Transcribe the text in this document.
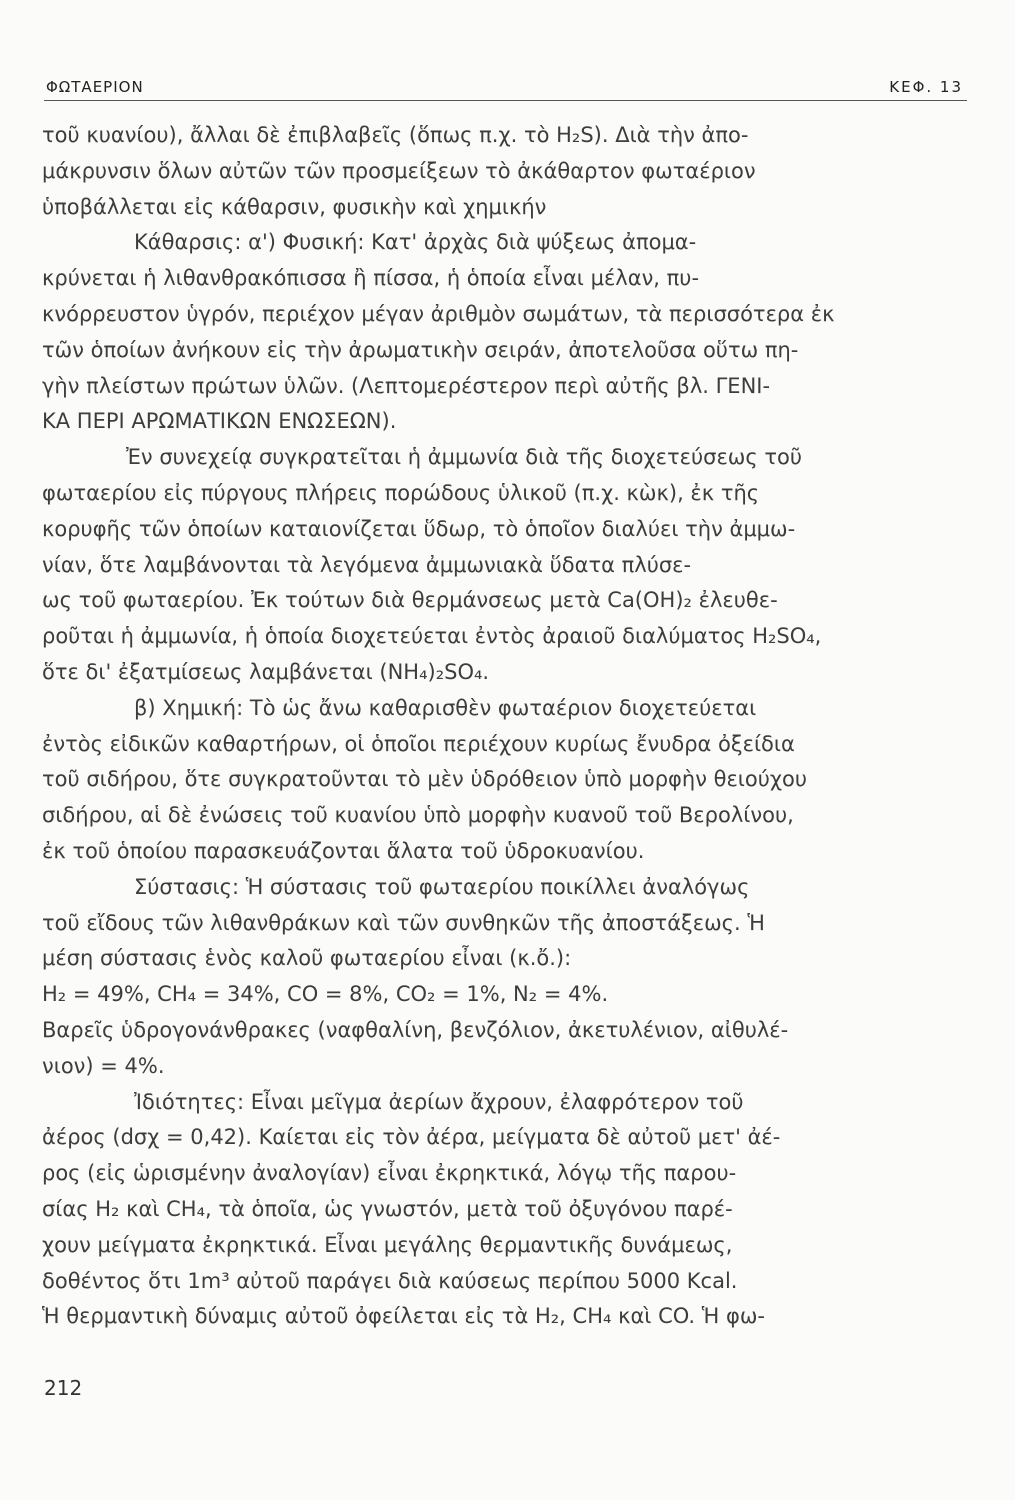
ΦΩΤΑΕΡΙΟΝ	ΚΕΦ. 13
τοῦ κυανίου), ἄλλαι δὲ ἐπιβλαβεῖς (ὅπως π.χ. τὸ H₂S). Διὰ τὴν ἀπο-
μάκρυνσιν ὅλων αὐτῶν τῶν προσμείξεων τὸ ἀκάθαρτον φωταέριον
ὑποβάλλεται εἰς κάθαρσιν, φυσικὴν καὶ χημικήν
Κάθαρσις: α') Φυσική: Κατ' ἀρχὰς διὰ ψύξεως ἀπομα-
κρύνεται ἡ λιθανθρακόπισσα ἢ πίσσα, ἡ ὁποία εἶναι μέλαν, πυ-
κνόρρευστον ὑγρόν, περιέχον μέγαν ἀριθμὸν σωμάτων, τὰ περισσότερα ἐκ
τῶν ὁποίων ἀνήκουν εἰς τὴν ἀρωματικὴν σειράν, ἀποτελοῦσα οὕτω πη-
γὴν πλείστων πρώτων ὑλῶν. (Λεπτομερέστερον περὶ αὐτῆς βλ. ΓΕΝΙ-
ΚΑ ΠΕΡΙ ΑΡΩΜΑΤΙΚΩΝ ΕΝΩΣΕΩΝ).
Ἐν συνεχείᾳ συγκρατεῖται ἡ ἀμμωνία διὰ τῆς διοχετεύσεως τοῦ
φωταερίου εἰς πύργους πλήρεις πορώδους ὑλικοῦ (π.χ. κὼκ), ἐκ τῆς
κορυφῆς τῶν ὁποίων καταιονίζεται ὕδωρ, τὸ ὁποῖον διαλύει τὴν ἀμμω-
νίαν, ὅτε λαμβάνονται τὰ λεγόμενα ἀμμωνιακὰ ὕδατα πλύσε-
ως τοῦ φωταερίου. Ἐκ τούτων διὰ θερμάνσεως μετὰ Ca(OH)₂ ἐλευθε-
ροῦται ἡ ἀμμωνία, ἡ ὁποία διοχετεύεται ἐντὸς ἀραιοῦ διαλύματος H₂SO₄,
ὅτε δι' ἐξατμίσεως λαμβάνεται (NH₄)₂SO₄.
β) Χημική: Τὸ ὡς ἄνω καθαρισθὲν φωταέριον διοχετεύεται
ἐντὸς εἰδικῶν καθαρτήρων, οἱ ὁποῖοι περιέχουν κυρίως ἔνυδρα ὀξείδια
τοῦ σιδήρου, ὅτε συγκρατοῦνται τὸ μὲν ὑδρόθειον ὑπὸ μορφὴν θειούχου
σιδήρου, αἱ δὲ ἐνώσεις τοῦ κυανίου ὑπὸ μορφὴν κυανοῦ τοῦ Βερολίνου,
ἐκ τοῦ ὁποίου παρασκευάζονται ἅλατα τοῦ ὑδροκυανίου.
Σύστασις: Ἡ σύστασις τοῦ φωταερίου ποικίλλει ἀναλόγως
τοῦ εἴδους τῶν λιθανθράκων καὶ τῶν συνθηκῶν τῆς ἀποστάξεως. Ἡ
μέση σύστασις ἑνὸς καλοῦ φωταερίου εἶναι (κ.ὄ.):
H₂ = 49%, CH₄ = 34%, CO = 8%, CO₂ = 1%, N₂ = 4%.
Βαρεῖς ὑδρογονάνθρακες (ναφθαλίνη, βενζόλιον, ἀκετυλένιον, αἰθυλέ-
νιον) = 4%.
Ἰδιότητες: Εἶναι μεῖγμα ἀερίων ἄχρουν, ἐλαφρότερον τοῦ
ἀέρος (dσχ = 0,42). Καίεται εἰς τὸν ἀέρα, μείγματα δὲ αὐτοῦ μετ' ἀέ-
ρος (εἰς ὡρισμένην ἀναλογίαν) εἶναι ἐκρηκτικά, λόγῳ τῆς παρου-
σίας H₂ καὶ CH₄, τὰ ὁποῖα, ὡς γνωστόν, μετὰ τοῦ ὀξυγόνου παρέ-
χουν μείγματα ἐκρηκτικά. Εἶναι μεγάλης θερμαντικῆς δυνάμεως,
δοθέντος ὅτι 1m³ αὐτοῦ παράγει διὰ καύσεως περίπου 5000 Kcal.
Ἡ θερμαντικὴ δύναμις αὐτοῦ ὀφείλεται εἰς τὰ H₂, CH₄ καὶ CO. Ἡ φω-
212
